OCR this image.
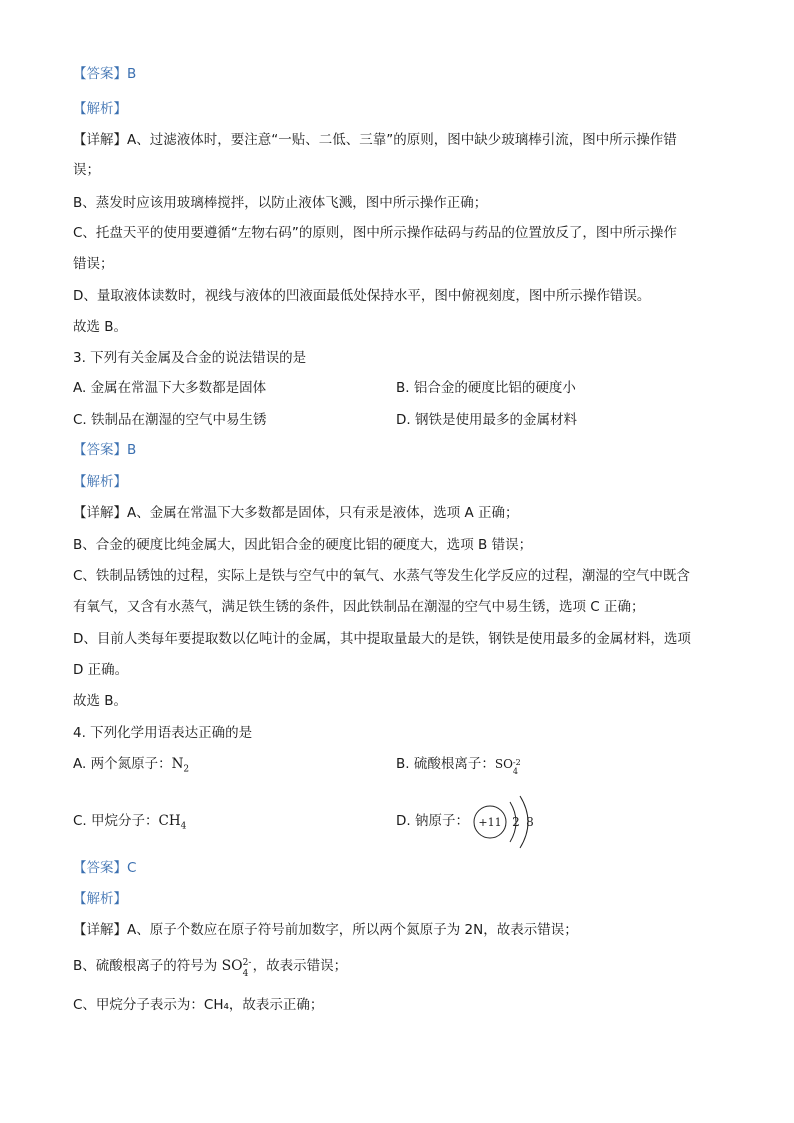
【答案】B
【解析】
【详解】A、过滤液体时，要注意“一贴、二低、三靠”的原则，图中缺少玻璃棒引流，图中所示操作错
误；
B、蒸发时应该用玻璃棒搅拌，以防止液体飞溅，图中所示操作正确；
C、托盘天平的使用要遵循“左物右码”的原则，图中所示操作砝码与药品的位置放反了，图中所示操作
错误；
D、量取液体读数时，视线与液体的凹液面最低处保持水平，图中俯视刻度，图中所示操作错误。
故选 B。
3. 下列有关金属及合金的说法错误的是
A. 金属在常温下大多数都是固体	B. 铝合金的硬度比铝的硬度小
C. 铁制品在潮湿的空气中易生锈	D. 钢铁是使用最多的金属材料
【答案】B
【解析】
【详解】A、金属在常温下大多数都是固体，只有汞是液体，选项 A 正确；
B、合金的硬度比纯金属大，因此铝合金的硬度比铝的硬度大，选项 B 错误；
C、铁制品锈蚀的过程，实际上是铁与空气中的氧气、水蒸气等发生化学反应的过程，潮湿的空气中既含
有氧气，又含有水蒸气，满足铁生锈的条件，因此铁制品在潮湿的空气中易生锈，选项 C 正确；
D、目前人类每年要提取数以亿吨计的金属，其中提取量最大的是铁，钢铁是使用最多的金属材料，选项
D 正确。
故选 B。
4. 下列化学用语表达正确的是
A. 两个氮原子：$N_2$	B. 硫酸根离子：SO -2
4
C. 甲烷分子：$CH_4$	D. 钠原子： +11 2 8
【答案】C
【解析】
【详解】A、原子个数应在原子符号前加数字，所以两个氮原子为 2N，故表示错误；
B、硫酸根离子的符号为 SO 2-
4 ，故表示错误；
C、甲烷分子表示为：CH₄，故表示正确；
